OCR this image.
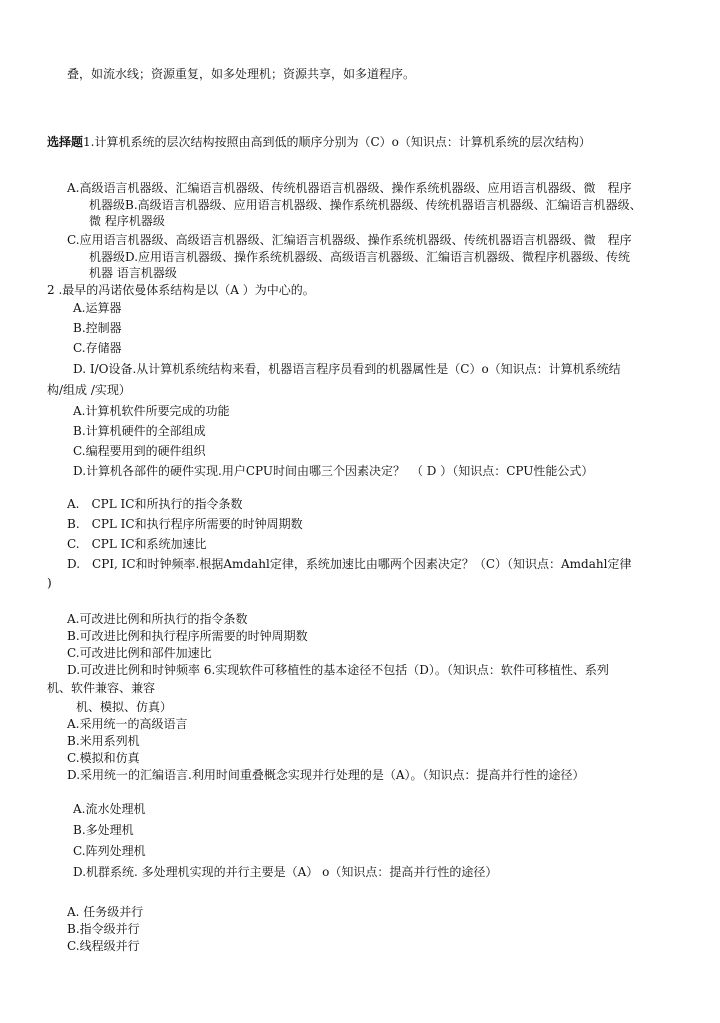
叠，如流水线；资源重复，如多处理机；资源共享，如多道程序。
选择题1.计算机系统的层次结构按照由高到低的顺序分别为（C）o（知识点：计算机系统的层次结构）
A.高级语言机器级、汇编语言机器级、传统机器语言机器级、操作系统机器级、应用语言机器级、微　程序
机器级B.高级语言机器级、应用语言机器级、操作系统机器级、传统机器语言机器级、汇编语言机器级、
微 程序机器级
C.应用语言机器级、高级语言机器级、汇编语言机器级、操作系统机器级、传统机器语言机器级、微　程序
机器级D.应用语言机器级、操作系统机器级、高级语言机器级、汇编语言机器级、微程序机器级、传统
机器 语言机器级
2 .最早的冯诺依曼体系结构是以（A ）为中心的。
A.运算器
B.控制器
C.存储器
D. I/O设备.从计算机系统结构来看，机器语言程序员看到的机器属性是（C）o（知识点：计算机系统结
构/组成 /实现）
A.计算机软件所要完成的功能
B.计算机硬件的全部组成
C.编程要用到的硬件组织
D.计算机各部件的硬件实现.用户CPU时间由哪三个因素决定？　（ D ）（知识点：CPU性能公式）
A.　CPL IC和所执行的指令条数
B.　CPL IC和执行程序所需要的时钟周期数
C.　CPL IC和系统加速比
D.　CPI, IC和时钟频率.根据Amdahl定律，系统加速比由哪两个因素决定？（C）（知识点：Amdahl定律
)
A.可改进比例和所执行的指令条数
B.可改进比例和执行程序所需要的时钟周期数
C.可改进比例和部件加速比
D.可改进比例和时钟频率 6.实现软件可移植性的基本途径不包括（D）。（知识点：软件可移植性、系列
机、软件兼容、兼容
机、模拟、仿真）
A.采用统一的高级语言
B.米用系列机
C.模拟和仿真
D.采用统一的汇编语言.利用时间重叠概念实现并行处理的是（A）。（知识点：提高并行性的途径）
A.流水处理机
B.多处理机
C.阵列处理机
D.机群系统. 多处理机实现的并行主要是（A） o（知识点：提高并行性的途径）
A. 任务级并行
B.指令级并行
C.线程级并行
